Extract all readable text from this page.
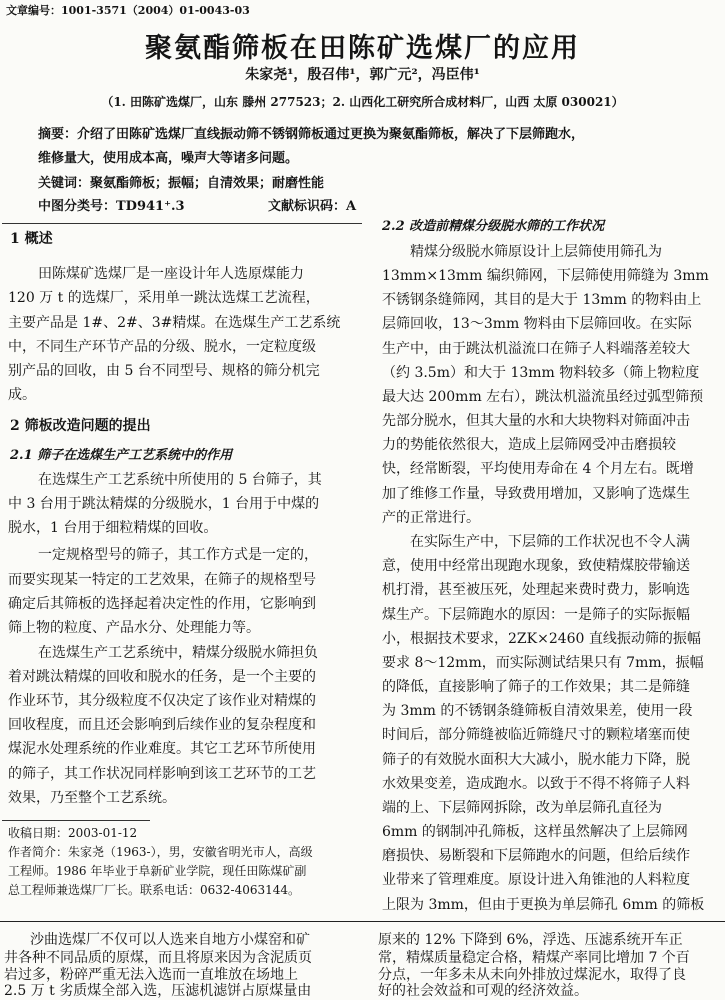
文章编号：1001-3571（2004）01-0043-03
聚氨酯筛板在田陈矿选煤厂的应用
朱家尧¹，殷召伟¹，郭广元²，冯臣伟¹
（1. 田陈矿选煤厂，山东 滕州 277523；2. 山西化工研究所合成材料厂，山西 太原 030021）
摘要：介绍了田陈矿选煤厂直线振动筛不锈钢筛板通过更换为聚氨酯筛板，解决了下层筛跑水，
维修量大，使用成本高，噪声大等诸多问题。
关键词：聚氨酯筛板；振幅；自清效果；耐磨性能
中图分类号：TD941⁺.3	文献标识码：A
1 概述
田陈煤矿选煤厂是一座设计年人选原煤能力
120 万 t 的选煤厂，采用单一跳汰选煤工艺流程，
主要产品是 1#、2#、3#精煤。在选煤生产工艺系统
中，不同生产环节产品的分级、脱水，一定粒度级
别产品的回收，由 5 台不同型号、规格的筛分机完
成。
2 筛板改造问题的提出
2.1 筛子在选煤生产工艺系统中的作用
在选煤生产工艺系统中所使用的 5 台筛子，其
中 3 台用于跳汰精煤的分级脱水，1 台用于中煤的
脱水，1 台用于细粒精煤的回收。
一定规格型号的筛子，其工作方式是一定的，
而要实现某一特定的工艺效果，在筛子的规格型号
确定后其筛板的选择起着决定性的作用，它影响到
筛上物的粒度、产品水分、处理能力等。
在选煤生产工艺系统中，精煤分级脱水筛担负
着对跳汰精煤的回收和脱水的任务，是一个主要的
作业环节，其分级粒度不仅决定了该作业对精煤的
回收程度，而且还会影响到后续作业的复杂程度和
煤泥水处理系统的作业难度。其它工艺环节所使用
的筛子，其工作状况同样影响到该工艺环节的工艺
效果，乃至整个工艺系统。
收稿日期：2003-01-12
作者简介：朱家尧（1963-），男，安徽省明光市人，高级
工程师。1986 年毕业于阜新矿业学院，现任田陈煤矿副
总工程师兼选煤厂厂长。联系电话：0632-4063144。
2.2 改造前精煤分级脱水筛的工作状况
精煤分级脱水筛原设计上层筛使用筛孔为
13mm×13mm 编织筛网，下层筛使用筛缝为 3mm
不锈钢条缝筛网，其目的是大于 13mm 的物料由上
层筛回收，13～3mm 物料由下层筛回收。在实际
生产中，由于跳汰机溢流口在筛子人料端落差较大
（约 3.5m）和大于 13mm 物料较多（筛上物粒度
最大达 200mm 左右），跳汰机溢流虽经过弧型筛预
先部分脱水，但其大量的水和大块物料对筛面冲击
力的势能依然很大，造成上层筛网受冲击磨损较
快，经常断裂，平均使用寿命在 4 个月左右。既增
加了维修工作量，导致费用增加，又影响了选煤生
产的正常进行。
在实际生产中，下层筛的工作状况也不令人满
意，使用中经常出现跑水现象，致使精煤胶带输送
机打滑，甚至被压死，处理起来费时费力，影响选
煤生产。下层筛跑水的原因：一是筛子的实际振幅
小，根据技术要求，2ZK×2460 直线振动筛的振幅
要求 8～12mm，而实际测试结果只有 7mm，振幅
的降低，直接影响了筛子的工作效果；其二是筛缝
为 3mm 的不锈钢条缝筛板自清效果差，使用一段
时间后，部分筛缝被临近筛缝尺寸的颗粒堵塞而使
筛子的有效脱水面积大大减小，脱水能力下降，脱
水效果变差，造成跑水。以致于不得不将筛子人料
端的上、下层筛网拆除，改为单层筛孔直径为
6mm 的钢制冲孔筛板，这样虽然解决了上层筛网
磨损快、易断裂和下层筛跑水的问题，但给后续作
业带来了管理难度。原设计进入角锥池的人料粒度
上限为 3mm，但由于更换为单层筛孔 6mm 的筛板
沙曲选煤厂不仅可以人选来自地方小煤窑和矿
井各种不同品质的原煤，而且将原来因为含泥质页
岩过多，粉碎严重无法入选而一直堆放在场地上
2.5 万 t 劣质煤全部入选，压滤机滤饼占原煤量由
原来的 12% 下降到 6%，浮选、压滤系统开车正
常，精煤质量稳定合格，精煤产率同比增加 7 个百
分点，一年多未从未向外排放过煤泥水，取得了良
好的社会效益和可观的经济效益。
